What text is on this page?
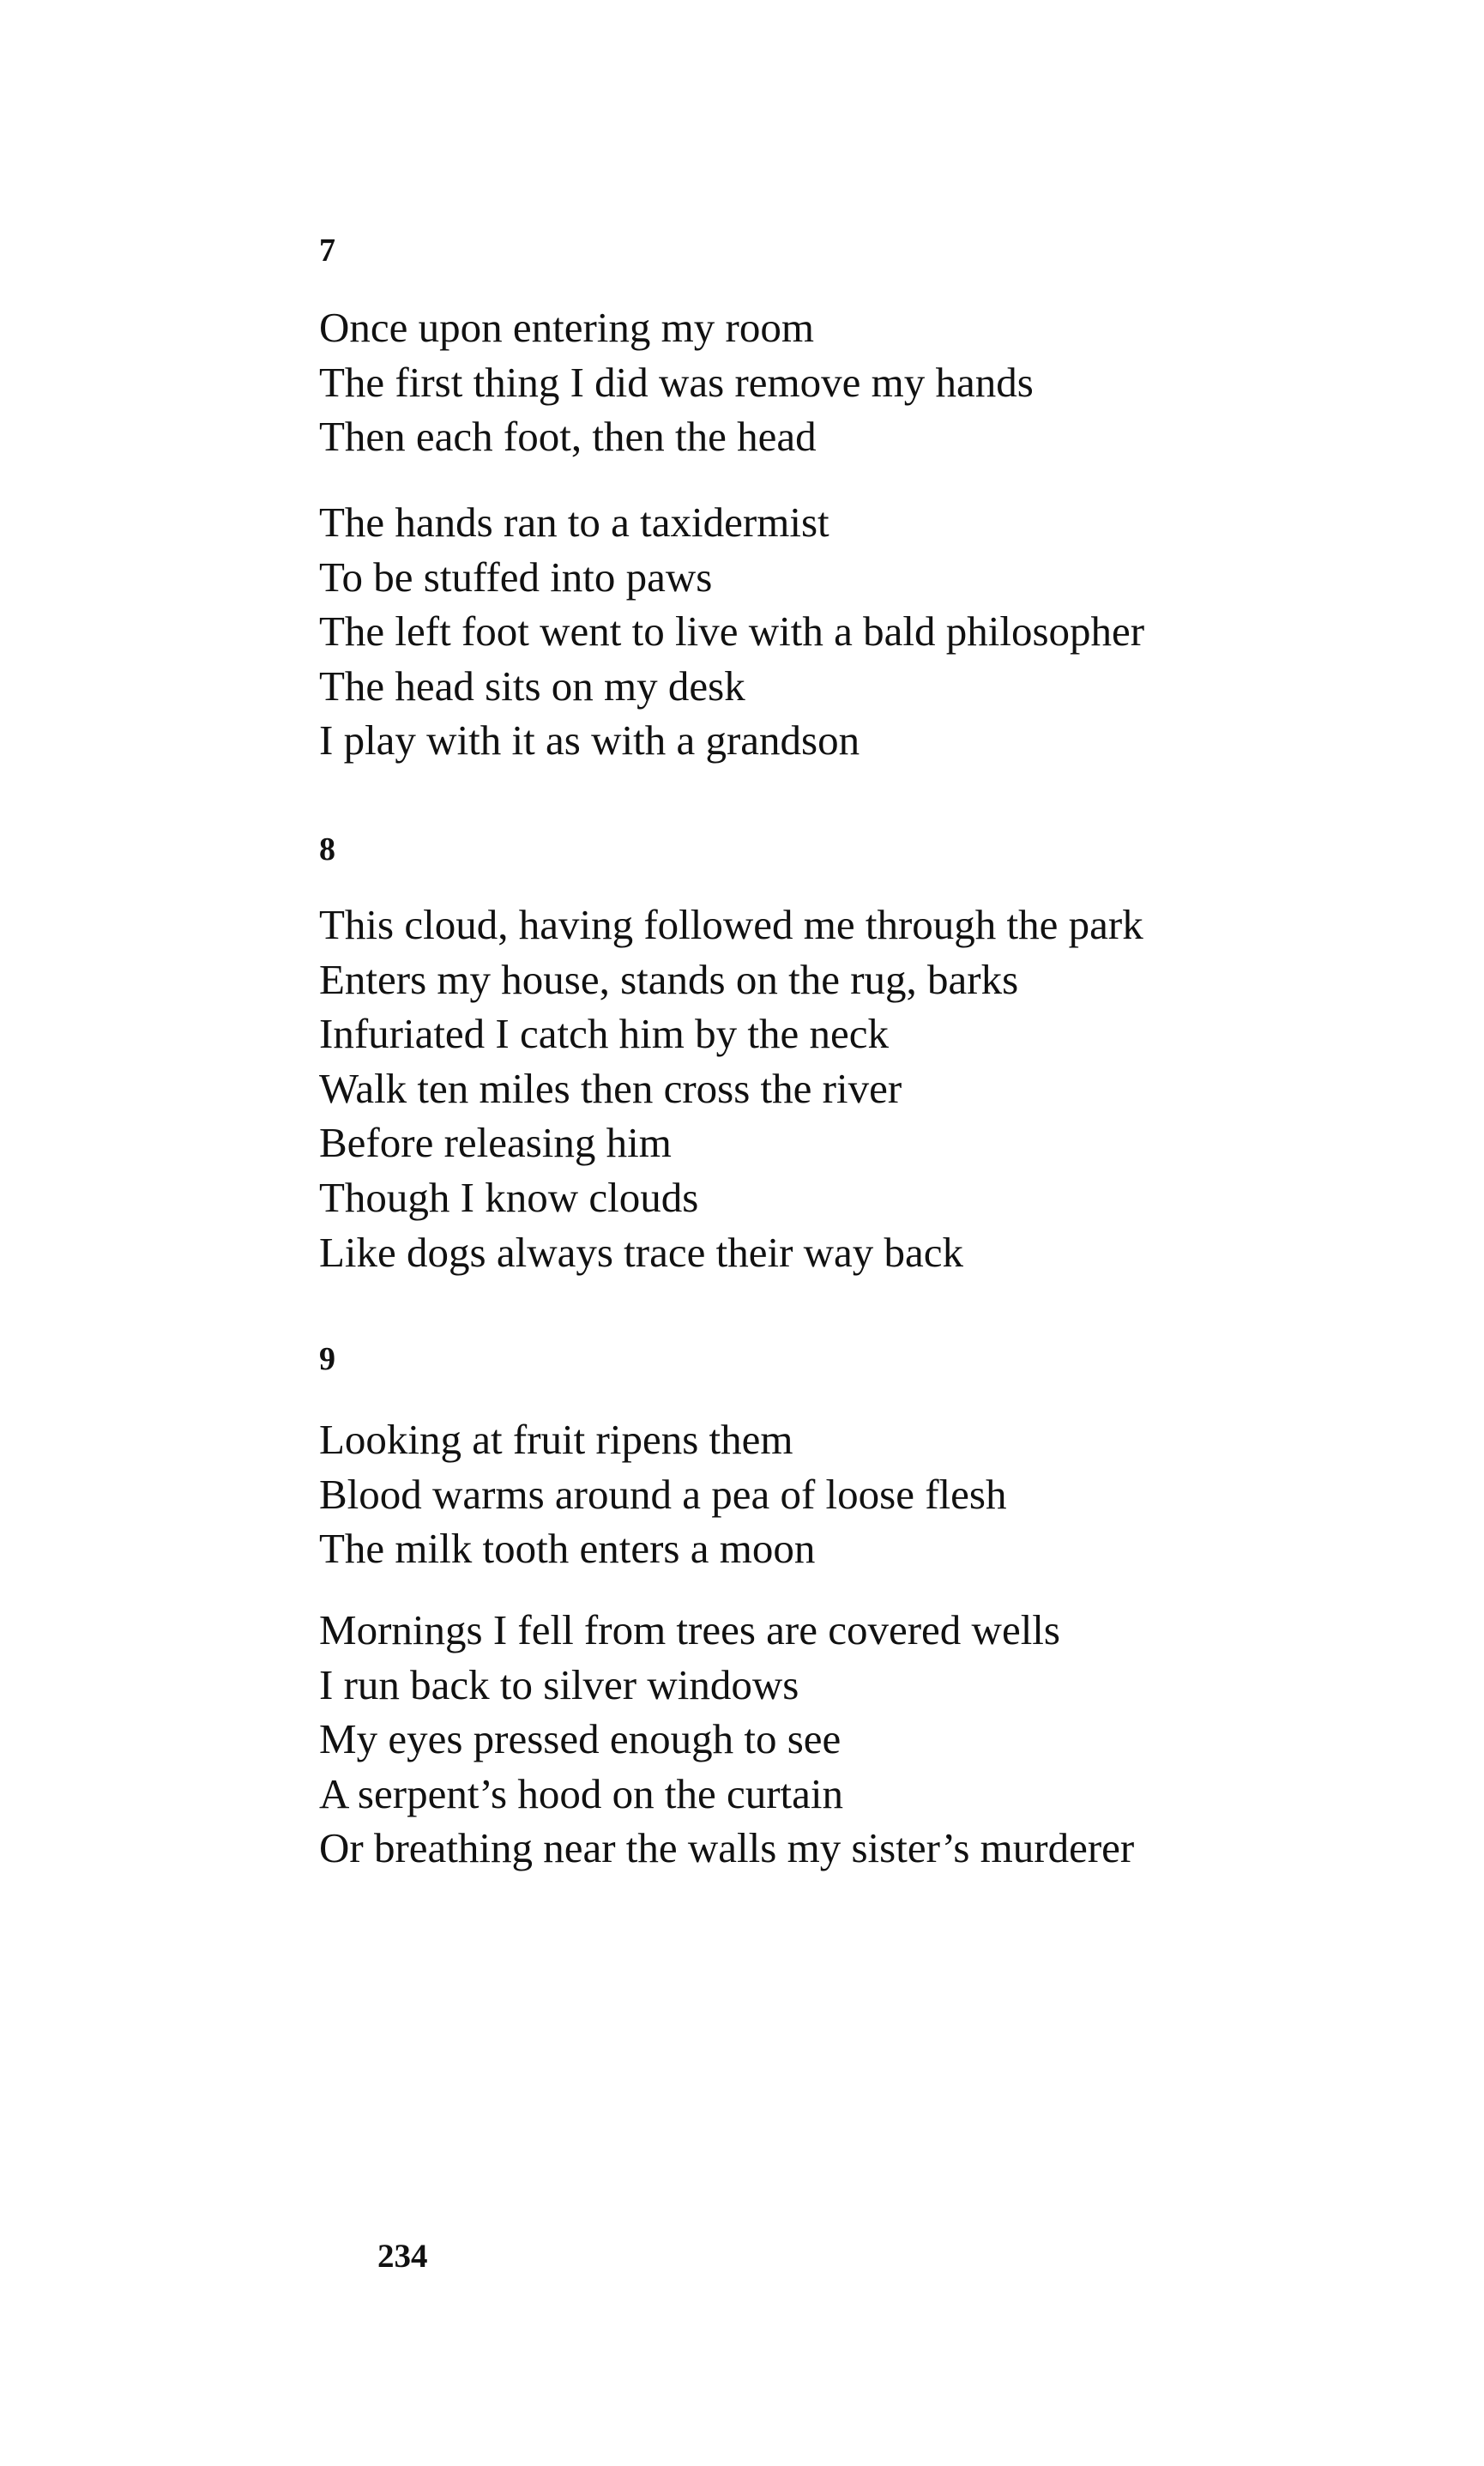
7
Once upon entering my room
The first thing I did was remove my hands
Then each foot, then the head
The hands ran to a taxidermist
To be stuffed into paws
The left foot went to live with a bald philosopher
The head sits on my desk
I play with it as with a grandson
8
This cloud, having followed me through the park
Enters my house, stands on the rug, barks
Infuriated I catch him by the neck
Walk ten miles then cross the river
Before releasing him
Though I know clouds
Like dogs always trace their way back
9
Looking at fruit ripens them
Blood warms around a pea of loose flesh
The milk tooth enters a moon
Mornings I fell from trees are covered wells
I run back to silver windows
My eyes pressed enough to see
A serpent’s hood on the curtain
Or breathing near the walls my sister’s murderer
234
